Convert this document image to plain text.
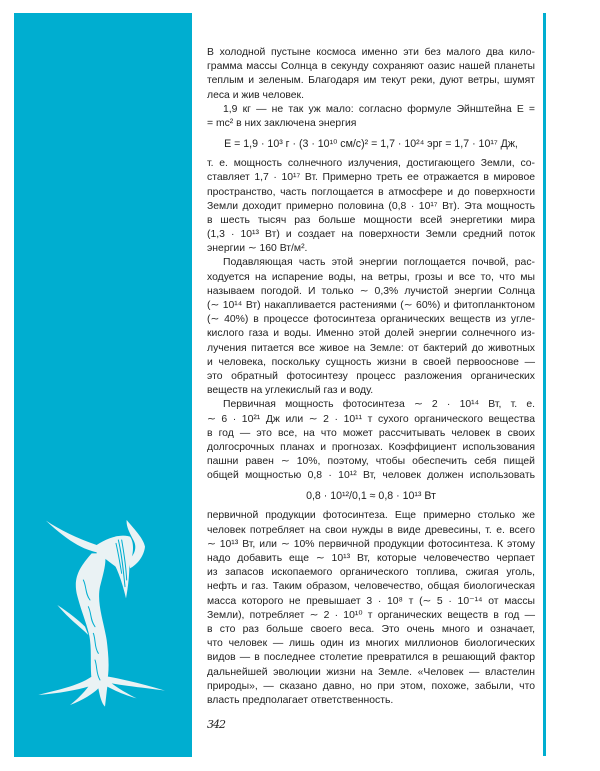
В холодной пустыне космоса именно эти без малого два кило-
грамма массы Солнца в секунду сохраняют оазис нашей планеты
теплым и зеленым. Благодаря им текут реки, дуют ветры, шумят
леса и жив человек.
1,9 кг — не так уж мало: согласно формуле Эйнштейна E =
= mc² в них заключена энергия
E = 1,9 · 10³ г · (3 · 10¹⁰ см/с)² = 1,7 · 10²⁴ эрг = 1,7 · 10¹⁷ Дж,
т. е. мощность солнечного излучения, достигающего Земли, со-
ставляет 1,7 · 10¹⁷ Вт. Примерно треть ее отражается в мировое
пространство, часть поглощается в атмосфере и до поверхности
Земли доходит примерно половина (0,8 · 10¹⁷ Вт). Эта мощность
в шесть тысяч раз больше мощности всей энергетики мира
(1,3 · 10¹³ Вт) и создает на поверхности Земли средний поток
энергии ∼ 160 Вт/м².
Подавляющая часть этой энергии поглощается почвой, рас-
ходуется на испарение воды, на ветры, грозы и все то, что мы
называем погодой. И только ∼ 0,3% лучистой энергии Солнца
(∼ 10¹⁴ Вт) накапливается растениями (∼ 60%) и фитопланктоном
(∼ 40%) в процессе фотосинтеза органических веществ из угле-
кислого газа и воды. Именно этой долей энергии солнечного из-
лучения питается все живое на Земле: от бактерий до животных
и человека, поскольку сущность жизни в своей первооснове —
это обратный фотосинтезу процесс разложения органических
веществ на углекислый газ и воду.
Первичная мощность фотосинтеза ∼ 2 · 10¹⁴ Вт, т. е.
∼ 6 · 10²¹ Дж или ∼ 2 · 10¹¹ т сухого органического вещества
в год — это все, на что может рассчитывать человек в своих
долгосрочных планах и прогнозах. Коэффициент использования
пашни равен ∼ 10%, поэтому, чтобы обеспечить себя пищей
общей мощностью 0,8 · 10¹² Вт, человек должен использовать
0,8 · 10¹²/0,1 ≈ 0,8 · 10¹³ Вт
первичной продукции фотосинтеза. Еще примерно столько же
человек потребляет на свои нужды в виде древесины, т. е. всего
∼ 10¹³ Вт, или ∼ 10% первичной продукции фотосинтеза. К этому
надо добавить еще ∼ 10¹³ Вт, которые человечество черпает
из запасов ископаемого органического топлива, сжигая уголь,
нефть и газ. Таким образом, человечество, общая биологическая
масса которого не превышает 3 · 10⁸ т (∼ 5 · 10⁻¹⁴ от массы
Земли), потребляет ∼ 2 · 10¹⁰ т органических веществ в год —
в сто раз больше своего веса. Это очень много и означает,
что человек — лишь один из многих миллионов биологических
видов — в последнее столетие превратился в решающий фактор
дальнейшей эволюции жизни на Земле. «Человек — властелин
природы», — сказано давно, но при этом, похоже, забыли, что
власть предполагает ответственность.
342
